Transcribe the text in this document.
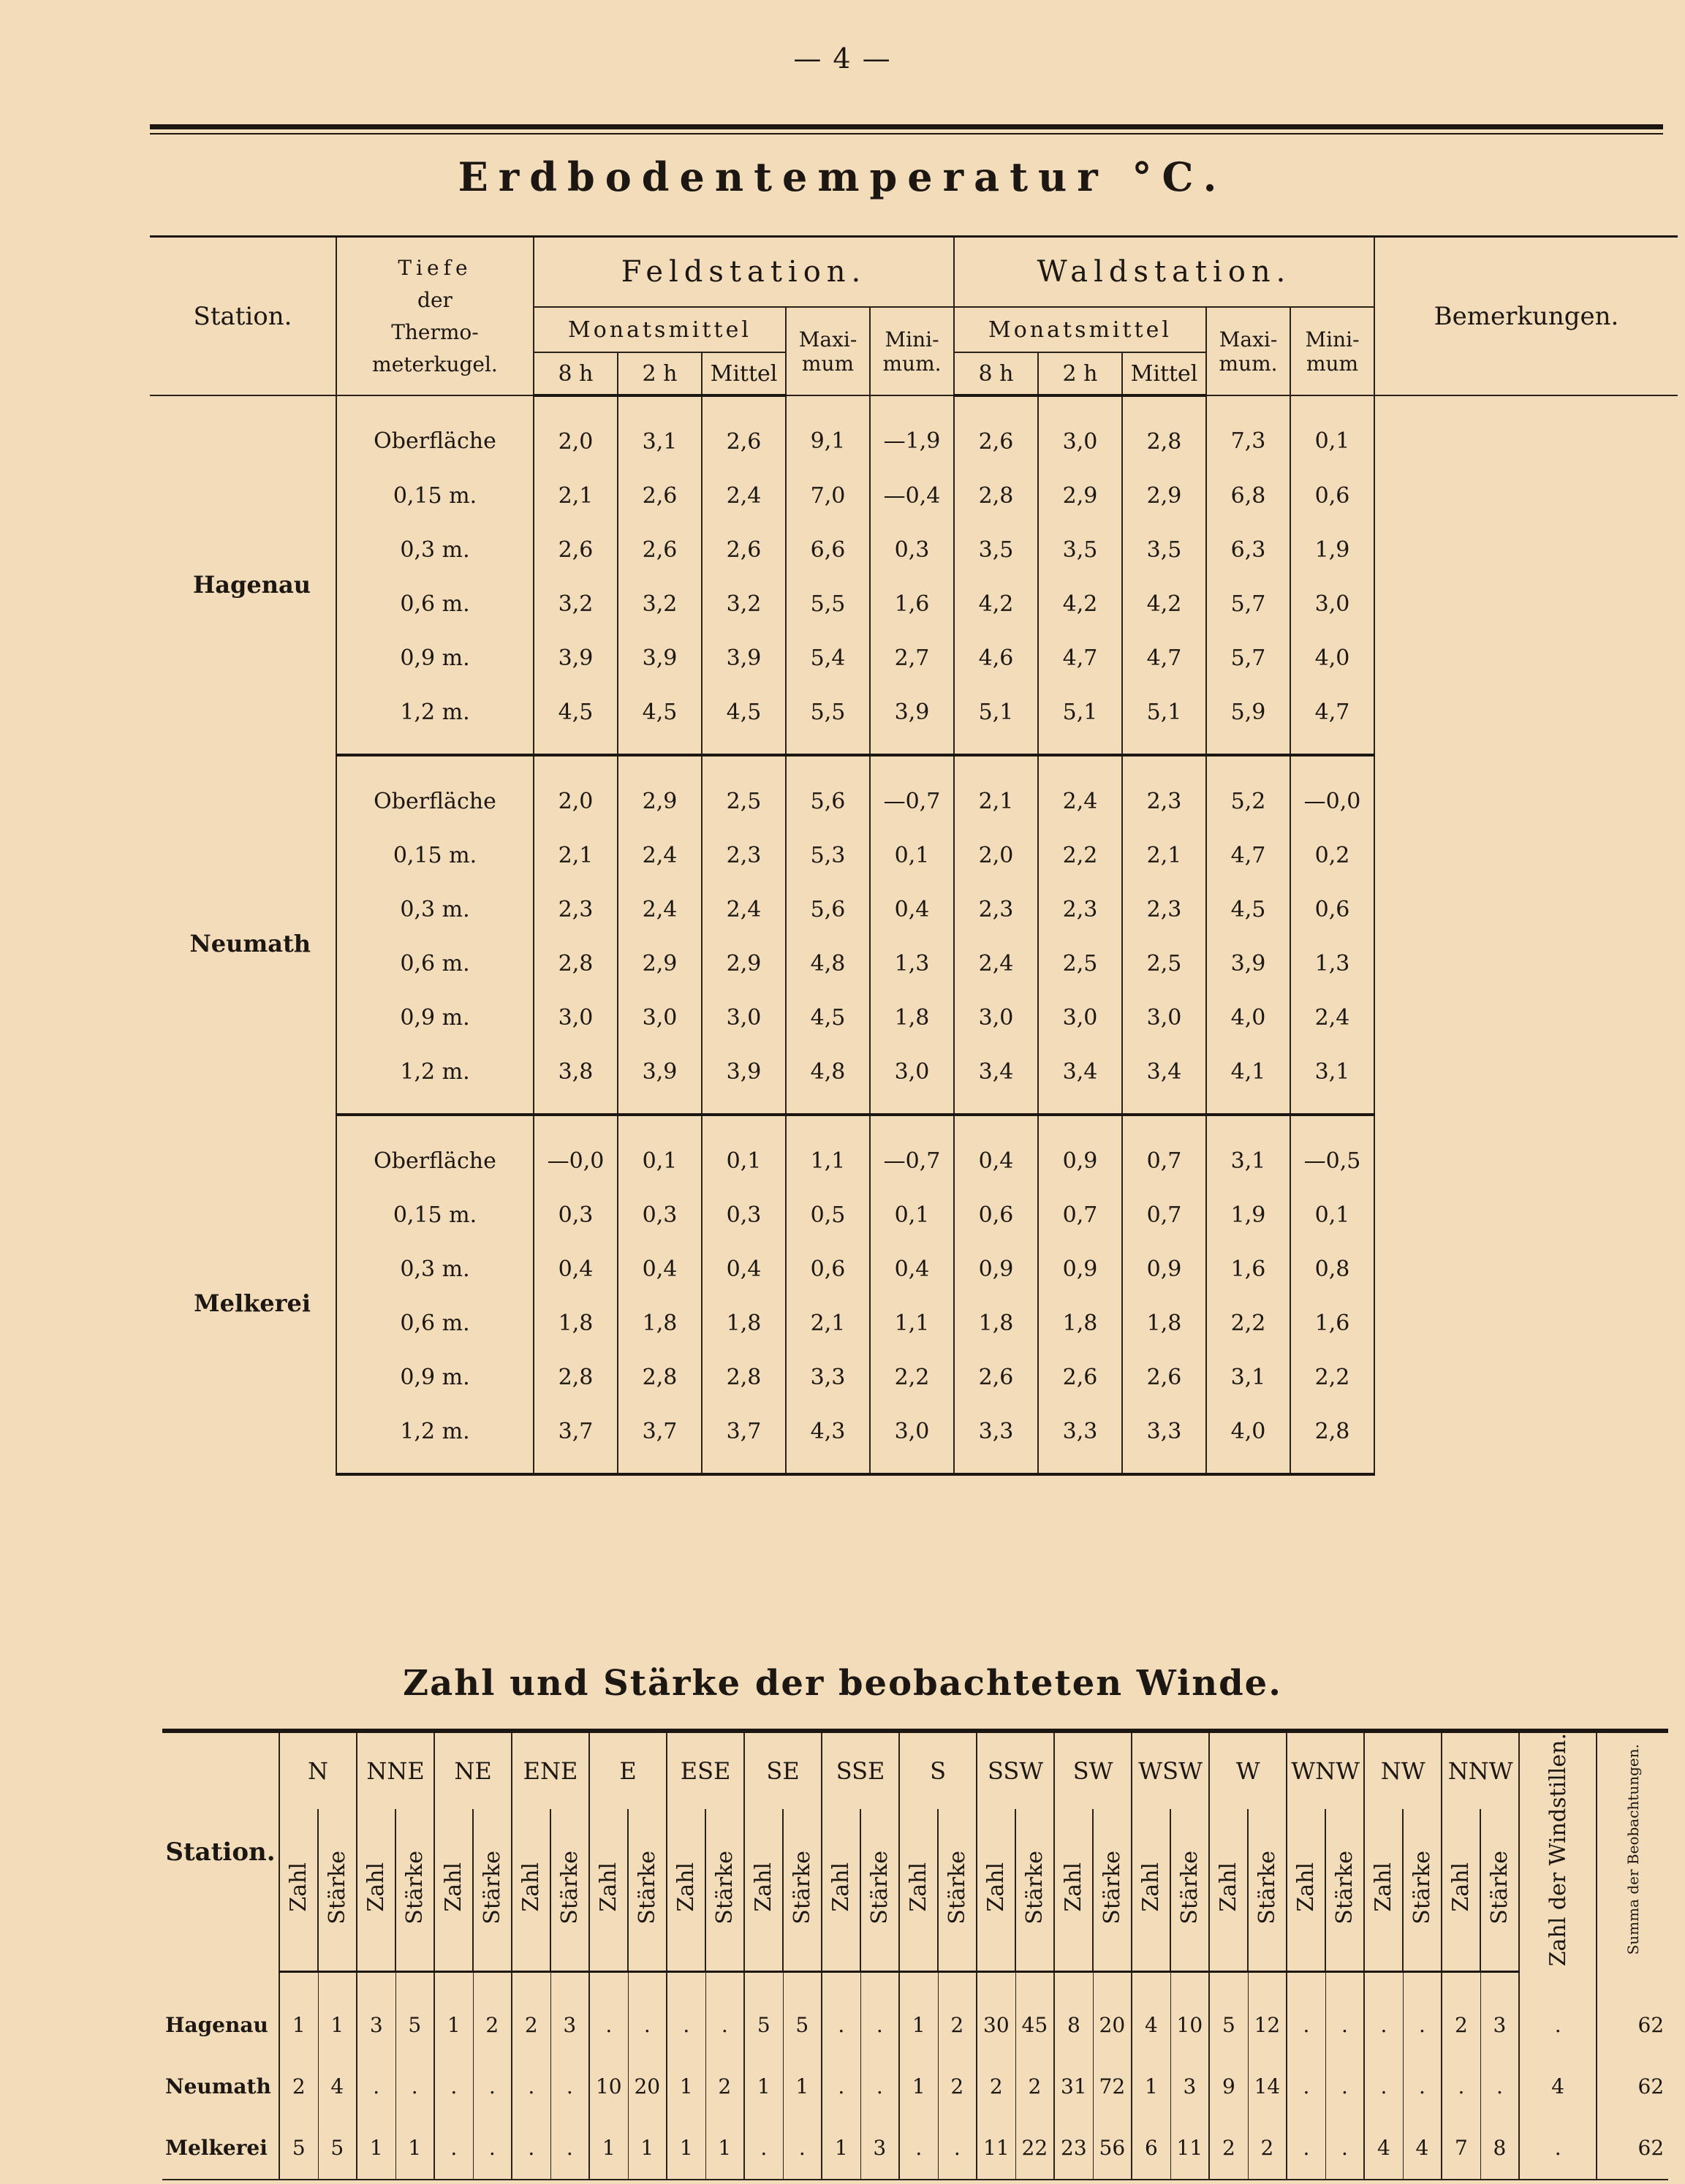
— 4 —
Erdbodentemperatur °C.
Station.	Tiefe
der
Thermo-
meterkugel.	Feldstation.					Waldstation.					Bemerkungen.
		Monatsmittel			Maxi- mum	Mini- mum.	Monatsmittel			Maxi- mum.	Mini- mum	
		8 h	2 h	Mittel			8 h	2 h	Mittel			
Hagenau	Oberfläche	2,0	3,1	2,6	9,1	—1,9	2,6	3,0	2,8	7,3	0,1	
	0,15 m.	2,1	2,6	2,4	7,0	—0,4	2,8	2,9	2,9	6,8	0,6	
	0,3 m.	2,6	2,6	2,6	6,6	0,3	3,5	3,5	3,5	6,3	1,9	
	0,6 m.	3,2	3,2	3,2	5,5	1,6	4,2	4,2	4,2	5,7	3,0	
	0,9 m.	3,9	3,9	3,9	5,4	2,7	4,6	4,7	4,7	5,7	4,0	
	1,2 m.	4,5	4,5	4,5	5,5	3,9	5,1	5,1	5,1	5,9	4,7	
Neumath	Oberfläche	2,0	2,9	2,5	5,6	—0,7	2,1	2,4	2,3	5,2	—0,0	
	0,15 m.	2,1	2,4	2,3	5,3	0,1	2,0	2,2	2,1	4,7	0,2	
	0,3 m.	2,3	2,4	2,4	5,6	0,4	2,3	2,3	2,3	4,5	0,6	
	0,6 m.	2,8	2,9	2,9	4,8	1,3	2,4	2,5	2,5	3,9	1,3	
	0,9 m.	3,0	3,0	3,0	4,5	1,8	3,0	3,0	3,0	4,0	2,4	
	1,2 m.	3,8	3,9	3,9	4,8	3,0	3,4	3,4	3,4	4,1	3,1	
Melkerei	Oberfläche	—0,0	0,1	0,1	1,1	—0,7	0,4	0,9	0,7	3,1	—0,5	
	0,15 m.	0,3	0,3	0,3	0,5	0,1	0,6	0,7	0,7	1,9	0,1	
	0,3 m.	0,4	0,4	0,4	0,6	0,4	0,9	0,9	0,9	1,6	0,8	
	0,6 m.	1,8	1,8	1,8	2,1	1,1	1,8	1,8	1,8	2,2	1,6	
	0,9 m.	2,8	2,8	2,8	3,3	2,2	2,6	2,6	2,6	3,1	2,2	
	1,2 m.	3,7	3,7	3,7	4,3	3,0	3,3	3,3	3,3	4,0	2,8	
Zahl und Stärke der beobachteten Winde.
Station.	N		NNE		NE		ENE		E		ESE		SE		SSE		S		SSW		SW		WSW		W		WNW		NW		NNW		Zahl der Windstillen.	Summa der Beobachtungen.
	Zahl	Stärke	Zahl	Stärke	Zahl	Stärke	Zahl	Stärke	Zahl	Stärke	Zahl	Stärke	Zahl	Stärke	Zahl	Stärke	Zahl	Stärke	Zahl	Stärke	Zahl	Stärke	Zahl	Stärke	Zahl	Stärke	Zahl	Stärke	Zahl	Stärke	Zahl	Stärke		
Hagenau	1	1	3	5	1	2	2	3	.	.	.	.	5	5	.	.	1	2	30	45	8	20	4	10	5	12	.	.	.	.	2	3	.	62
Neumath	2	4	.	.	.	.	.	.	10	20	1	2	1	1	.	.	1	2	2	2	31	72	1	3	9	14	.	.	.	.	.	.	4	62
Melkerei	5	5	1	1	.	.	.	.	1	1	1	1	.	.	1	3	.	.	11	22	23	56	6	11	2	2	.	.	4	4	7	8	.	62
